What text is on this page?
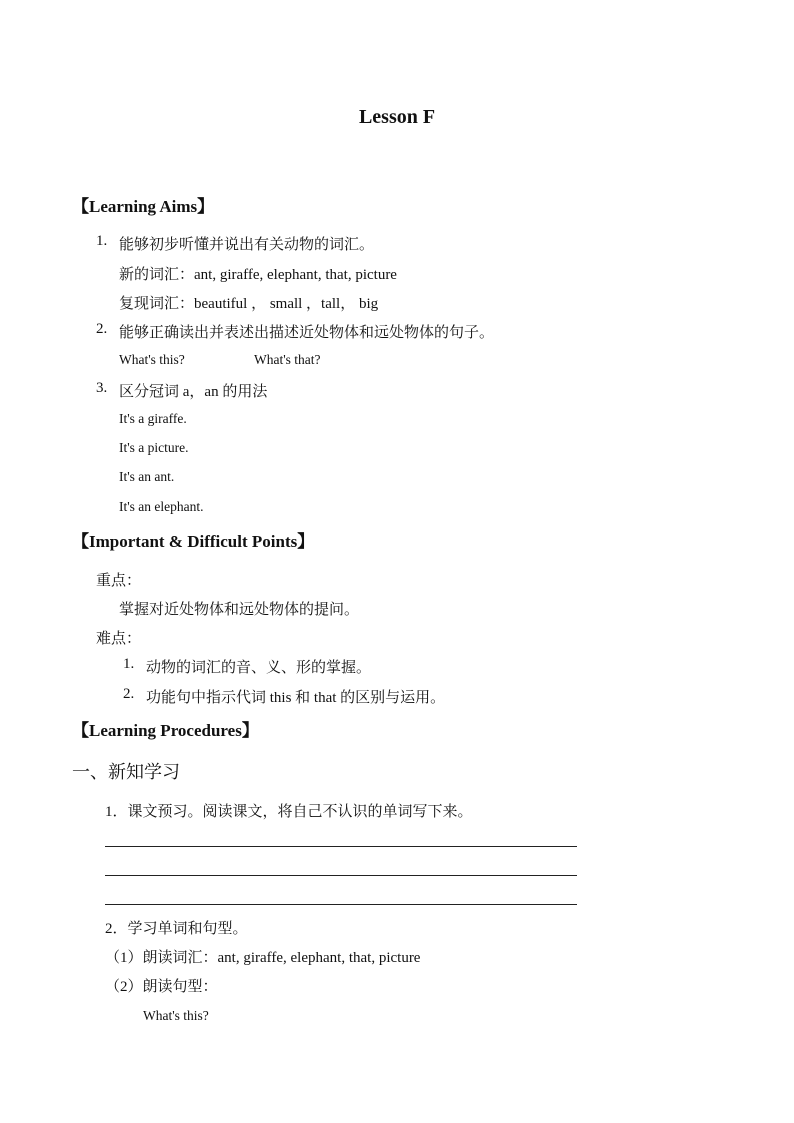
Lesson F
【Learning Aims】
1. 能够初步听懂并说出有关动物的词汇。
新的词汇：ant, giraffe, elephant, that, picture
复现词汇：beautiful ， small ，tall， big
2. 能够正确读出并表述出描述近处物体和远处物体的句子。
What's this?	What's that?
3. 区分冠词 a，an 的用法
It's a giraffe.
It's a picture.
It's an ant.
It's an elephant.
【Important & Difficult Points】
重点：
掌握对近处物体和远处物体的提问。
难点：
1. 动物的词汇的音、义、形的掌握。
2. 功能句中指示代词 this 和 that 的区别与运用。
【Learning Procedures】
一、新知学习
1．课文预习。阅读课文，将自己不认识的单词写下来。
2．学习单词和句型。
（1）朗读词汇：ant, giraffe, elephant, that, picture
（2）朗读句型：
What's this?
